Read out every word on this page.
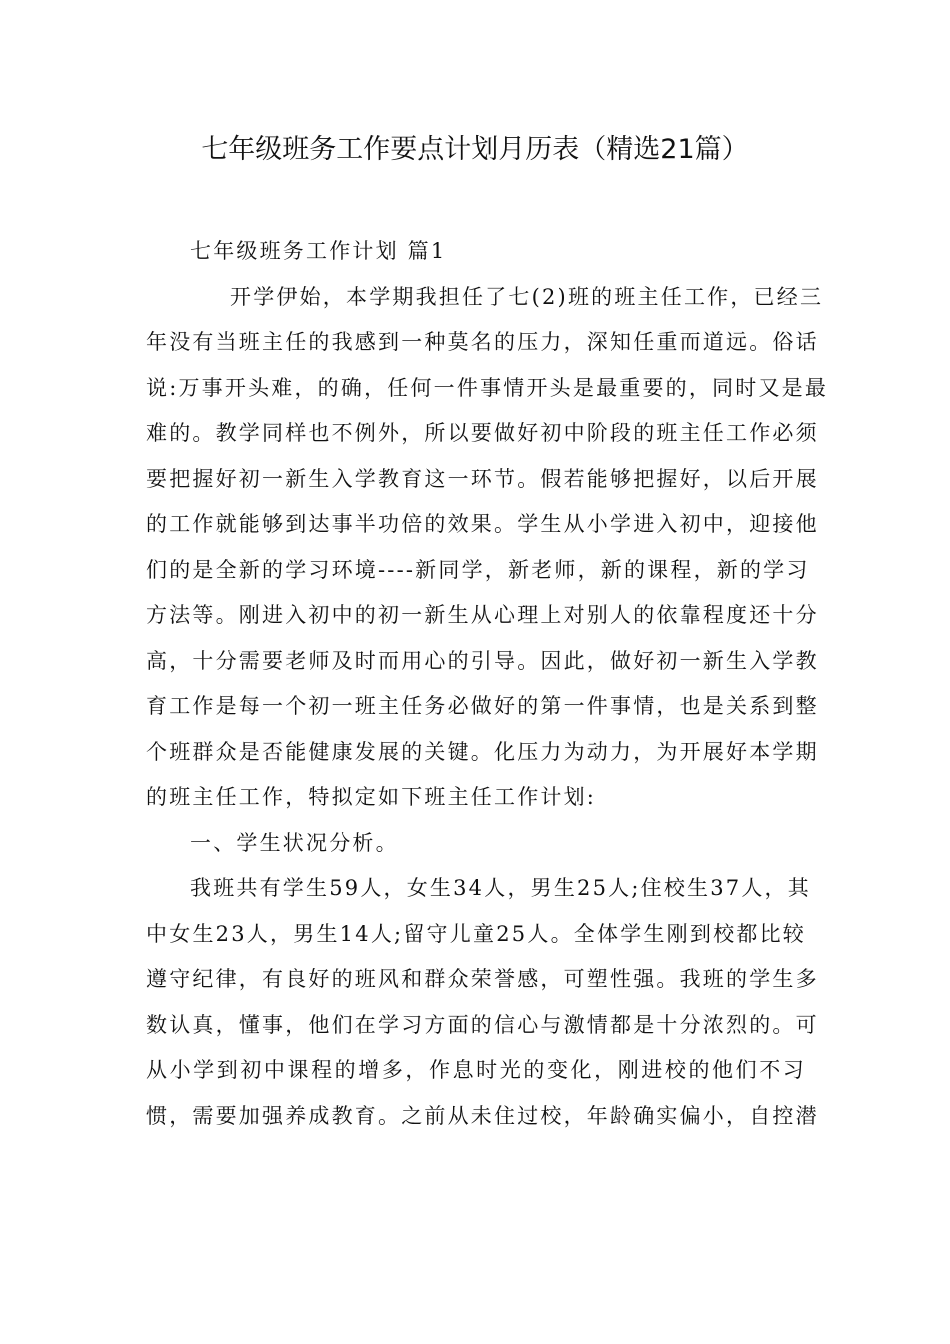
七年级班务工作要点计划月历表（精选21篇）
七年级班务工作计划 篇1
开学伊始，本学期我担任了七(2)班的班主任工作，已经三
年没有当班主任的我感到一种莫名的压力，深知任重而道远。俗话
说:万事开头难，的确，任何一件事情开头是最重要的，同时又是最
难的。教学同样也不例外，所以要做好初中阶段的班主任工作必须
要把握好初一新生入学教育这一环节。假若能够把握好，以后开展
的工作就能够到达事半功倍的效果。学生从小学进入初中，迎接他
们的是全新的学习环境----新同学，新老师，新的课程，新的学习
方法等。刚进入初中的初一新生从心理上对别人的依靠程度还十分
高，十分需要老师及时而用心的引导。因此，做好初一新生入学教
育工作是每一个初一班主任务必做好的第一件事情，也是关系到整
个班群众是否能健康发展的关键。化压力为动力，为开展好本学期
的班主任工作，特拟定如下班主任工作计划:
一、学生状况分析。
我班共有学生59人，女生34人，男生25人;住校生37人，其
中女生23人，男生14人;留守儿童25人。全体学生刚到校都比较
遵守纪律，有良好的班风和群众荣誉感，可塑性强。我班的学生多
数认真，懂事，他们在学习方面的信心与激情都是十分浓烈的。可
从小学到初中课程的增多，作息时光的变化，刚进校的他们不习
惯，需要加强养成教育。之前从未住过校，年龄确实偏小，自控潜
